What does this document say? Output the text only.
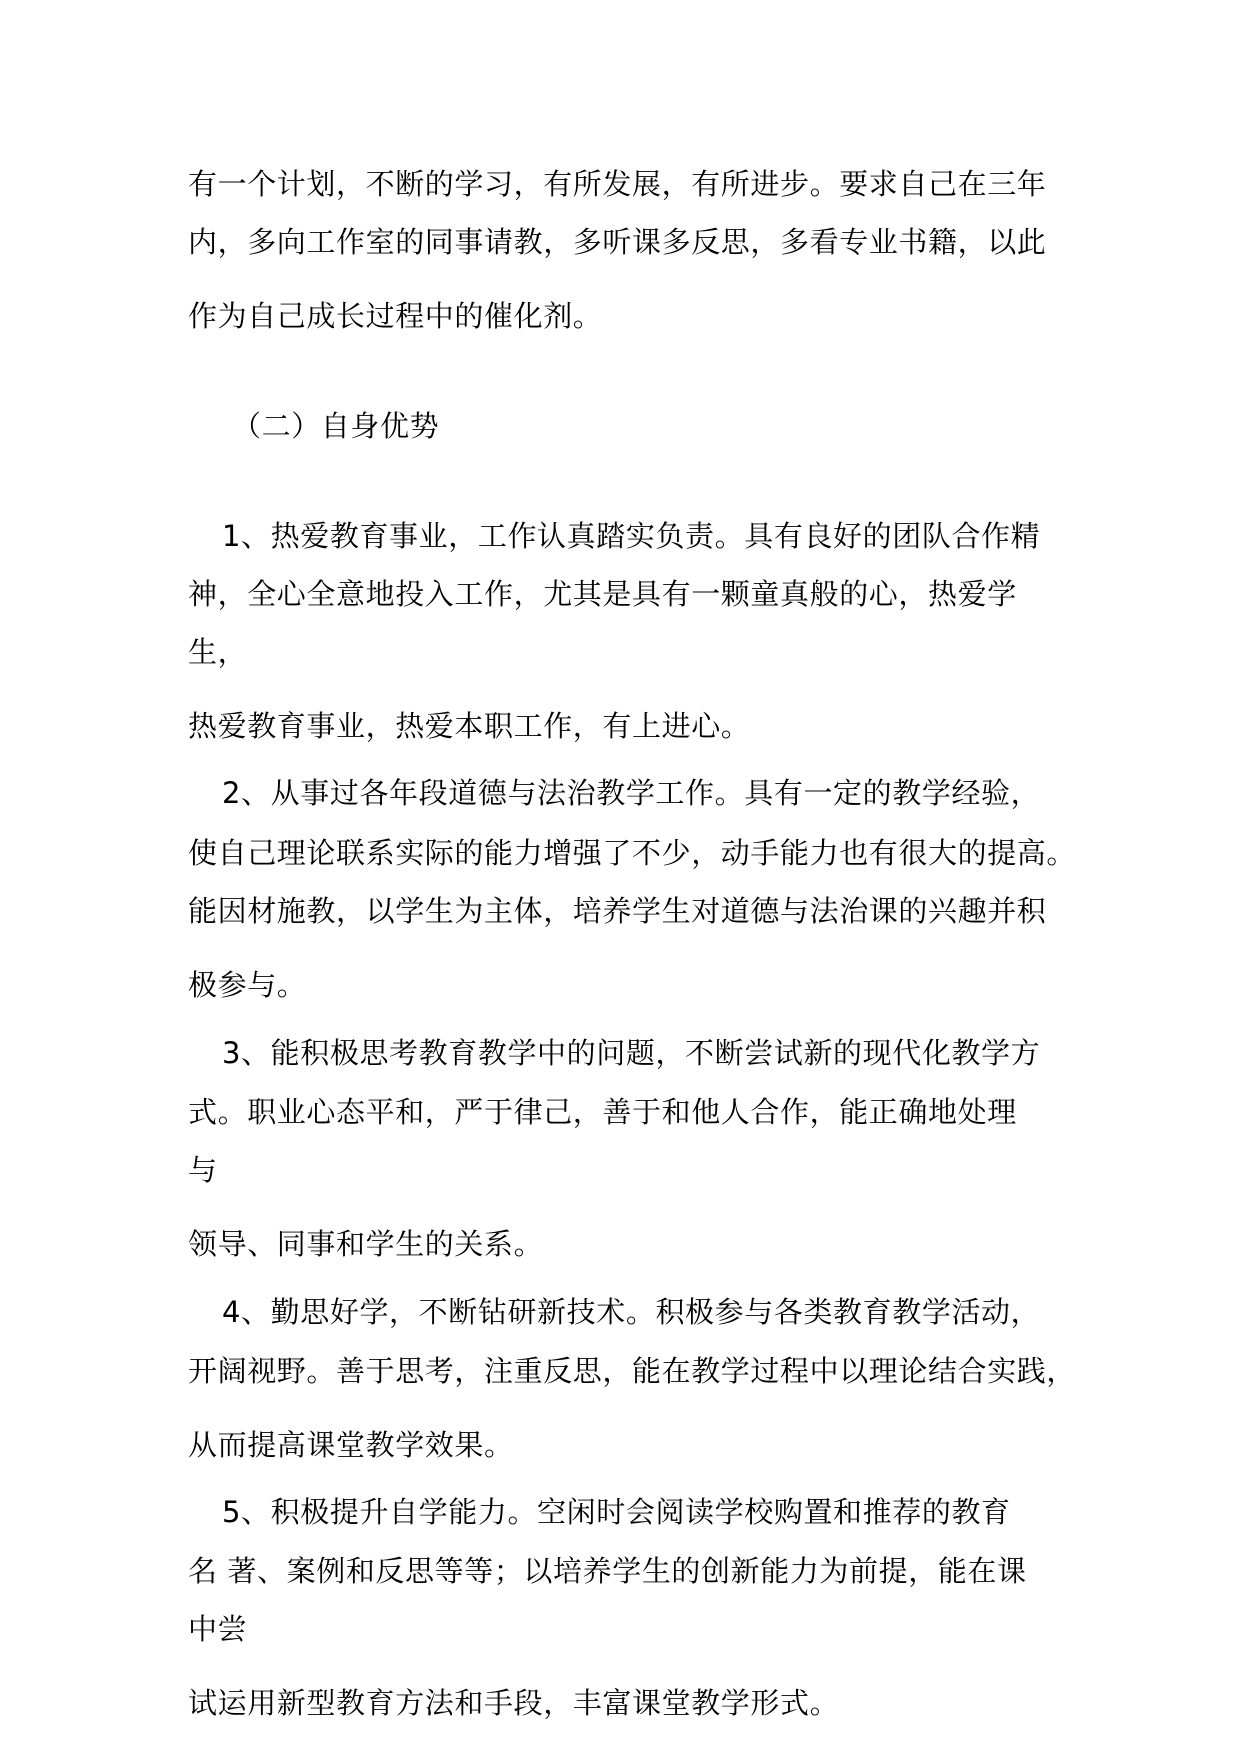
有一个计划，不断的学习，有所发展，有所进步。要求自己在三年
内，多向工作室的同事请教，多听课多反思，多看专业书籍，以此
作为自己成长过程中的催化剂。
（二）自身优势
1、热爱教育事业，工作认真踏实负责。具有良好的团队合作精
神，全心全意地投入工作，尤其是具有一颗童真般的心，热爱学
生，
热爱教育事业，热爱本职工作，有上进心。
2、从事过各年段道德与法治教学工作。具有一定的教学经验，
使自己理论联系实际的能力增强了不少，动手能力也有很大的提高。
能因材施教，以学生为主体，培养学生对道德与法治课的兴趣并积
极参与。
3、能积极思考教育教学中的问题，不断尝试新的现代化教学方
式。职业心态平和，严于律己，善于和他人合作，能正确地处理
与
领导、同事和学生的关系。
4、勤思好学，不断钻研新技术。积极参与各类教育教学活动，
开阔视野。善于思考，注重反思，能在教学过程中以理论结合实践，
从而提高课堂教学效果。
5、积极提升自学能力。空闲时会阅读学校购置和推荐的教育
名 著、案例和反思等等；以培养学生的创新能力为前提，能在课
中尝
试运用新型教育方法和手段，丰富课堂教学形式。
